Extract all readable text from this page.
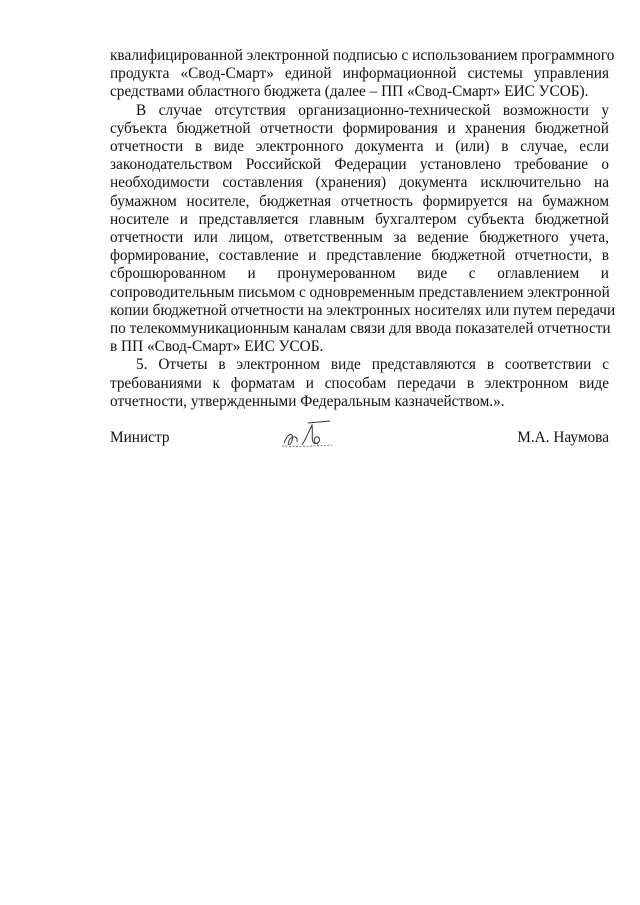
квалифицированной электронной подписью с использованием программного
продукта «Свод-Смарт» единой информационной системы управления
средствами областного бюджета (далее – ПП «Свод-Смарт» ЕИС УСОБ).
В случае отсутствия организационно-технической возможности у
субъекта бюджетной отчетности формирования и хранения бюджетной
отчетности в виде электронного документа и (или) в случае, если
законодательством Российской Федерации установлено требование о
необходимости составления (хранения) документа исключительно на
бумажном носителе, бюджетная отчетность формируется на бумажном
носителе и представляется главным бухгалтером субъекта бюджетной
отчетности или лицом, ответственным за ведение бюджетного учета,
формирование, составление и представление бюджетной отчетности, в
сброшюрованном и пронумерованном виде с оглавлением и
сопроводительным письмом с одновременным представлением электронной
копии бюджетной отчетности на электронных носителях или путем передачи
по телекоммуникационным каналам связи для ввода показателей отчетности
в ПП «Свод-Смарт» ЕИС УСОБ.
5. Отчеты в электронном виде представляются в соответствии с
требованиями к форматам и способам передачи в электронном виде
отчетности, утвержденными Федеральным казначейством.».
Министр	М.А. Наумова
